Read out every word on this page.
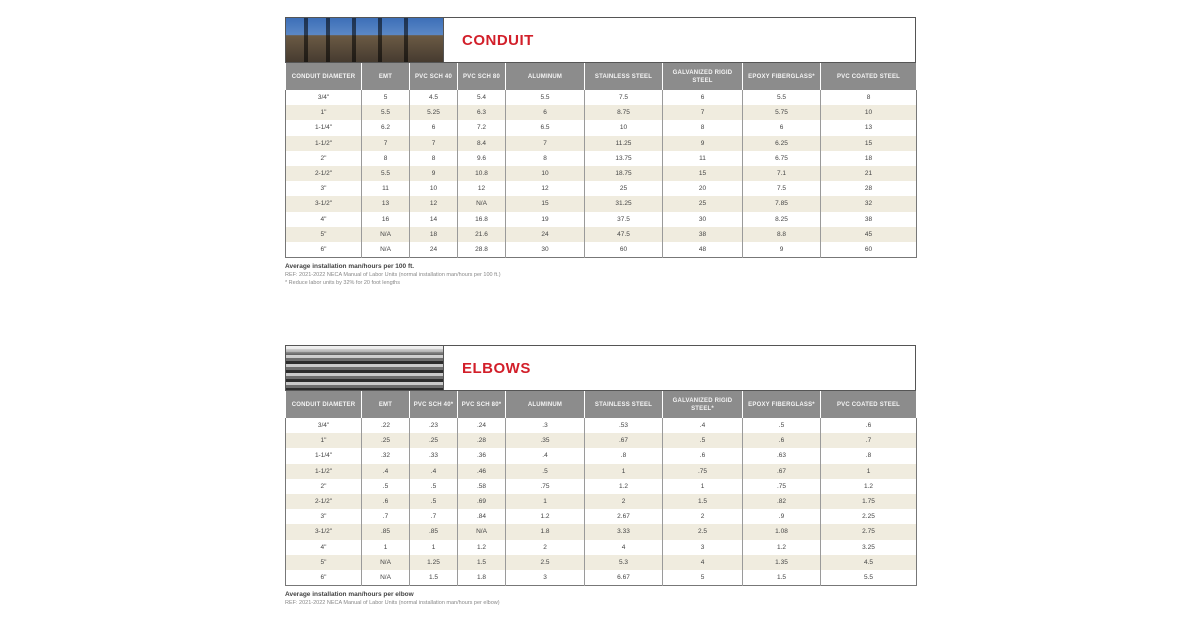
CONDUIT
CONDUIT DIAMETER	EMT	PVC SCH 40	PVC SCH 80	ALUMINUM	STAINLESS STEEL	GALVANIZED RIGID STEEL	EPOXY FIBERGLASS*	PVC COATED STEEL
3/4"	5	4.5	5.4	5.5	7.5	6	5.5	8
1"	5.5	5.25	6.3	6	8.75	7	5.75	10
1-1/4"	6.2	6	7.2	6.5	10	8	6	13
1-1/2"	7	7	8.4	7	11.25	9	6.25	15
2"	8	8	9.6	8	13.75	11	6.75	18
2-1/2"	5.5	9	10.8	10	18.75	15	7.1	21
3"	11	10	12	12	25	20	7.5	28
3-1/2"	13	12	N/A	15	31.25	25	7.85	32
4"	16	14	16.8	19	37.5	30	8.25	38
5"	N/A	18	21.6	24	47.5	38	8.8	45
6"	N/A	24	28.8	30	60	48	9	60
Average installation man/hours per 100 ft.
REF: 2021-2022 NECA Manual of Labor Units (normal installation man/hours per 100 ft.)
* Reduce labor units by 32% for 20 foot lengths
ELBOWS
CONDUIT DIAMETER	EMT	PVC SCH 40*	PVC SCH 80*	ALUMINUM	STAINLESS STEEL	GALVANIZED RIGID STEEL*	EPOXY FIBERGLASS*	PVC COATED STEEL
3/4"	.22	.23	.24	.3	.53	.4	.5	.6
1"	.25	.25	.28	.35	.67	.5	.6	.7
1-1/4"	.32	.33	.36	.4	.8	.6	.63	.8
1-1/2"	.4	.4	.46	.5	1	.75	.67	1
2"	.5	.5	.58	.75	1.2	1	.75	1.2
2-1/2"	.6	.5	.69	1	2	1.5	.82	1.75
3"	.7	.7	.84	1.2	2.67	2	.9	2.25
3-1/2"	.85	.85	N/A	1.8	3.33	2.5	1.08	2.75
4"	1	1	1.2	2	4	3	1.2	3.25
5"	N/A	1.25	1.5	2.5	5.3	4	1.35	4.5
6"	N/A	1.5	1.8	3	6.67	5	1.5	5.5
Average installation man/hours per elbow
REF: 2021-2022 NECA Manual of Labor Units (normal installation man/hours per elbow)
